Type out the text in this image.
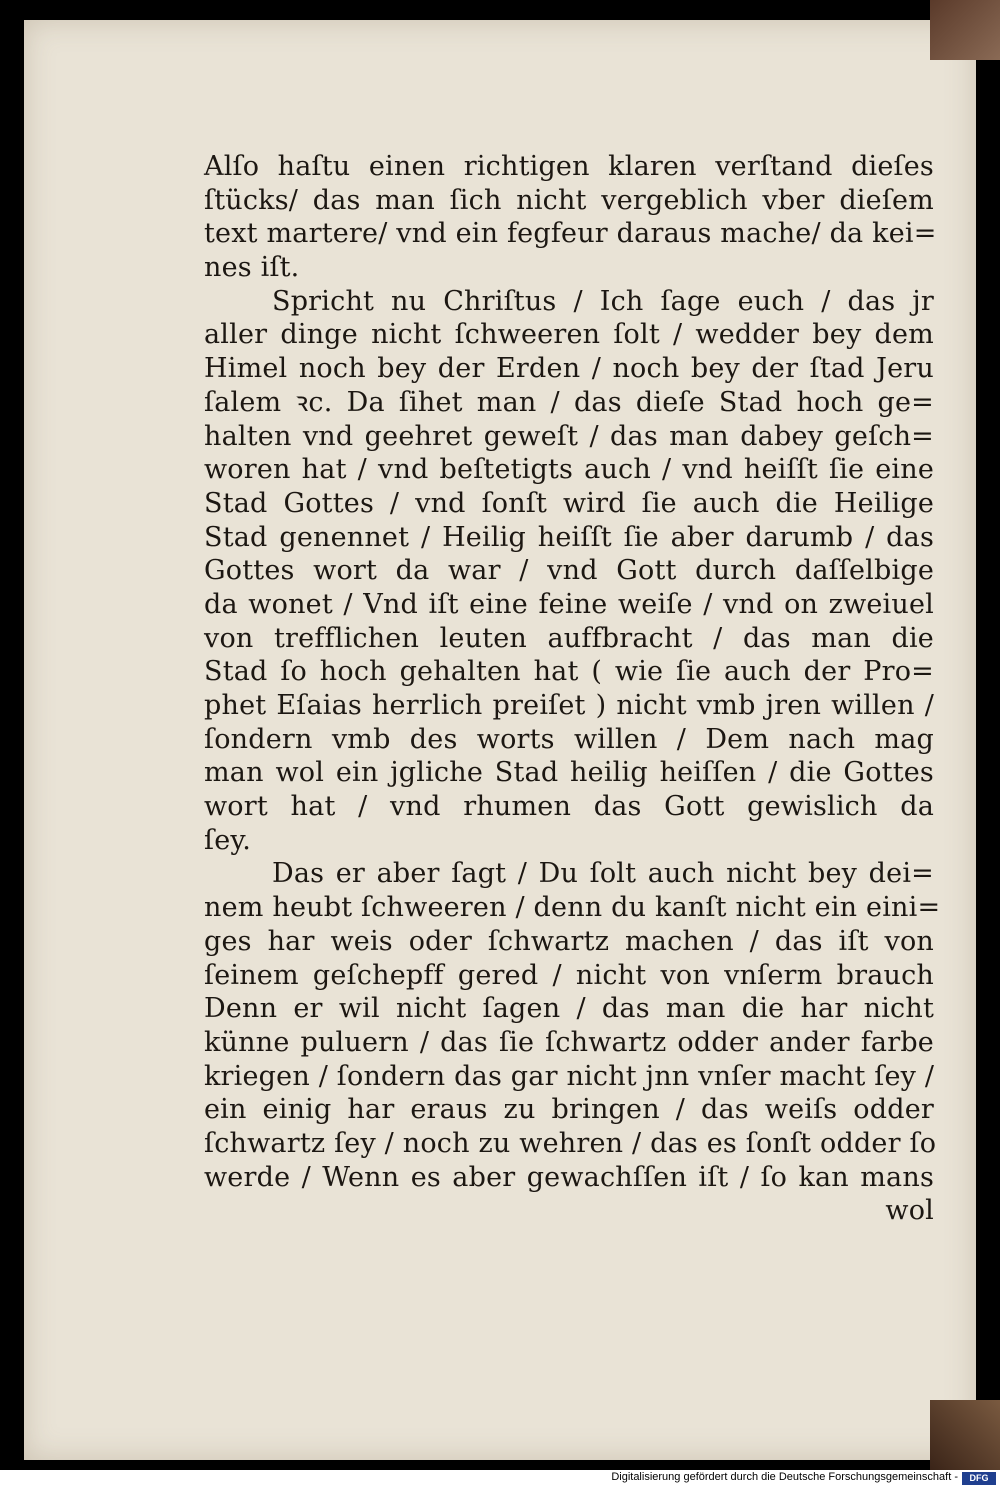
Alſo haſtu einen richtigen klaren verſtand dieſes
ſtücks/ das man ſich nicht vergeblich vber dieſem
text martere/ vnd ein fegfeur daraus mache/ da kei=
nes iſt.
Spricht nu Chriſtus / Ich ſage euch / das jr
aller dinge nicht ſchweeren ſolt / wedder bey dem
Himel noch bey der Erden / noch bey der ſtad Jeru
ſalem ꝛc. Da ſihet man / das dieſe Stad hoch ge=
halten vnd geehret geweſt / das man dabey geſch=
woren hat / vnd beſtetigts auch / vnd heiſſt ſie eine
Stad Gottes / vnd ſonſt wird ſie auch die Heilige
Stad genennet / Heilig heiſſt ſie aber darumb / das
Gottes wort da war / vnd Gott durch daſſelbige
da wonet / Vnd iſt eine feine weiſe / vnd on zweiuel
von trefflichen leuten auffbracht / das man die
Stad ſo hoch gehalten hat ( wie ſie auch der Pro=
phet Eſaias herrlich preiſet ) nicht vmb jren willen /
ſondern vmb des worts willen / Dem nach mag
man wol ein jgliche Stad heilig heiſſen / die Gottes
wort hat / vnd rhumen das Gott gewislich da
ſey.
Das er aber ſagt / Du ſolt auch nicht bey dei=
nem heubt ſchweeren / denn du kanſt nicht ein eini=
ges har weis oder ſchwartz machen / das iſt von
ſeinem geſchepff gered / nicht von vnſerm brauch
Denn er wil nicht ſagen / das man die har nicht
künne puluern / das ſie ſchwartz odder ander farbe
kriegen / ſondern das gar nicht jnn vnſer macht ſey /
ein einig har eraus zu bringen / das weiſs odder
ſchwartz ſey / noch zu wehren / das es ſonſt odder ſo
werde / Wenn es aber gewachſſen iſt / ſo kan mans
wol
Digitalisierung gefördert durch die Deutsche Forschungsgemeinschaft -	DFG
